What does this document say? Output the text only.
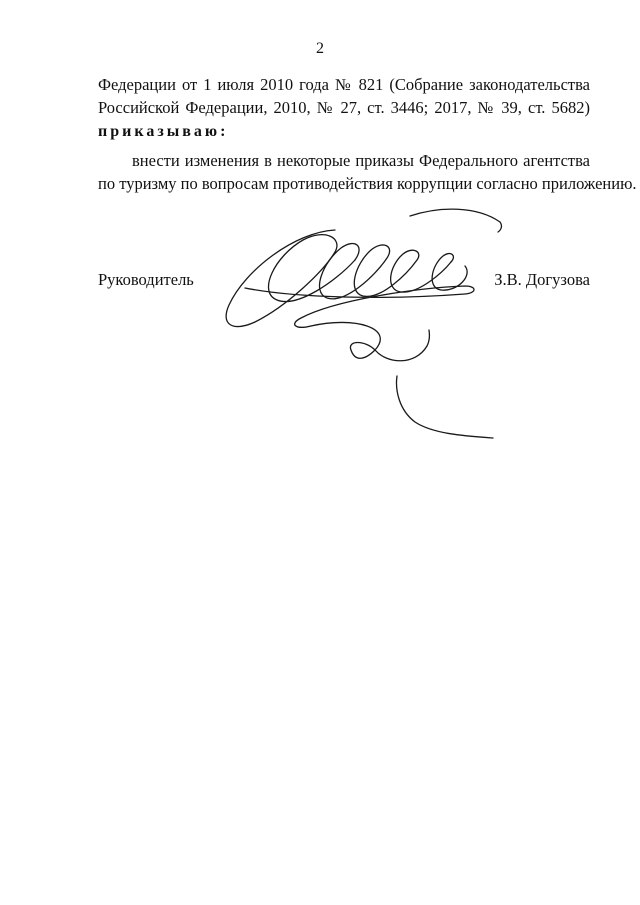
2
Федерации от 1 июля 2010 года № 821 (Собрание законодательства
Российской Федерации, 2010, № 27, ст. 3446; 2017, № 39, ст. 5682)
приказываю:
внести изменения в некоторые приказы Федерального агентства
по туризму по вопросам противодействия коррупции согласно приложению.
Руководитель	З.В. Догузова
